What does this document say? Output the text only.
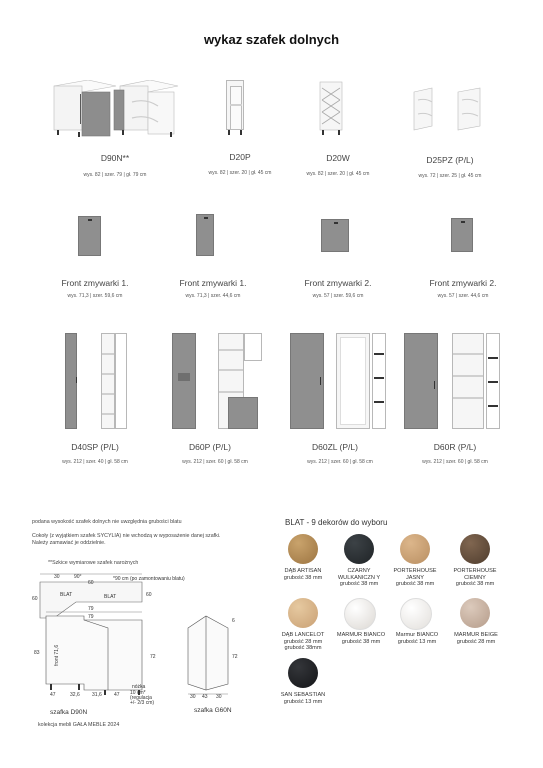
wykaz szafek dolnych
D90N**
wys. 82 | szer. 79 | gł. 79 cm
D20P
wys. 82 | szer. 20 | gł. 45 cm
D20W
wys. 82 | szer. 20 | gł. 45 cm
D25PZ (P/L)
wys. 72 | szer. 25 | gł. 45 cm
Front zmywarki 1.
wys. 71,3 | szer. 59,6 cm
Front zmywarki 1.
wys. 71,3 | szer. 44,6 cm
Front zmywarki 2.
wys. 57 | szer. 59,6 cm
Front zmywarki 2.
wys. 57 | szer. 44,6 cm
D40SP (P/L)
wys. 212 | szer. 40 | gł. 58 cm
D60P (P/L)
wys. 212 | szer. 60 | gł. 58 cm
D60ZL (P/L)
wys. 212 | szer. 60 | gł. 58 cm
D60R (P/L)
wys. 212 | szer. 60 | gł. 58 cm
podana wysokość szafek dolnych nie uwzględnia grubości blatu
Cokoły (z wyjątkiem szafek SYCYLIA) nie wchodzą w wyposażenie danej szafki.
Należy zamawiać je oddzielnie.
**Szkice wymiarowe szafek narożnych
30	90°
60
*90 cm (po zamontowaniu blatu)
BLAT	BLAT
60
60
79
79
83
72
front 71,6
47	32,6 31,6 47
nóżka
10 cm*
(regulacja
+/- 2/3 cm)
szafka D90N
6
72
30 43 30
szafka G60N
kolekcja mebli GAŁA MEBLE 2024
BLAT - 9 dekorów do wyboru
DĄB ARTISAN
grubość 38 mm
CZARNY WULKANICZN Y
grubość 38 mm
PORTERHOUSE JASNY
grubość 38 mm
PORTERHOUSE CIEMNY
grubość 38 mm
DĄB LANCELOT
grubość 28 mm grubość 38mm
MARMUR BIANCO
grubość 38 mm
Marmur BIANCO
grubość 13 mm
MARMUR BEIGE
grubość 28 mm
SAN SEBASTIAN
grubość 13 mm
